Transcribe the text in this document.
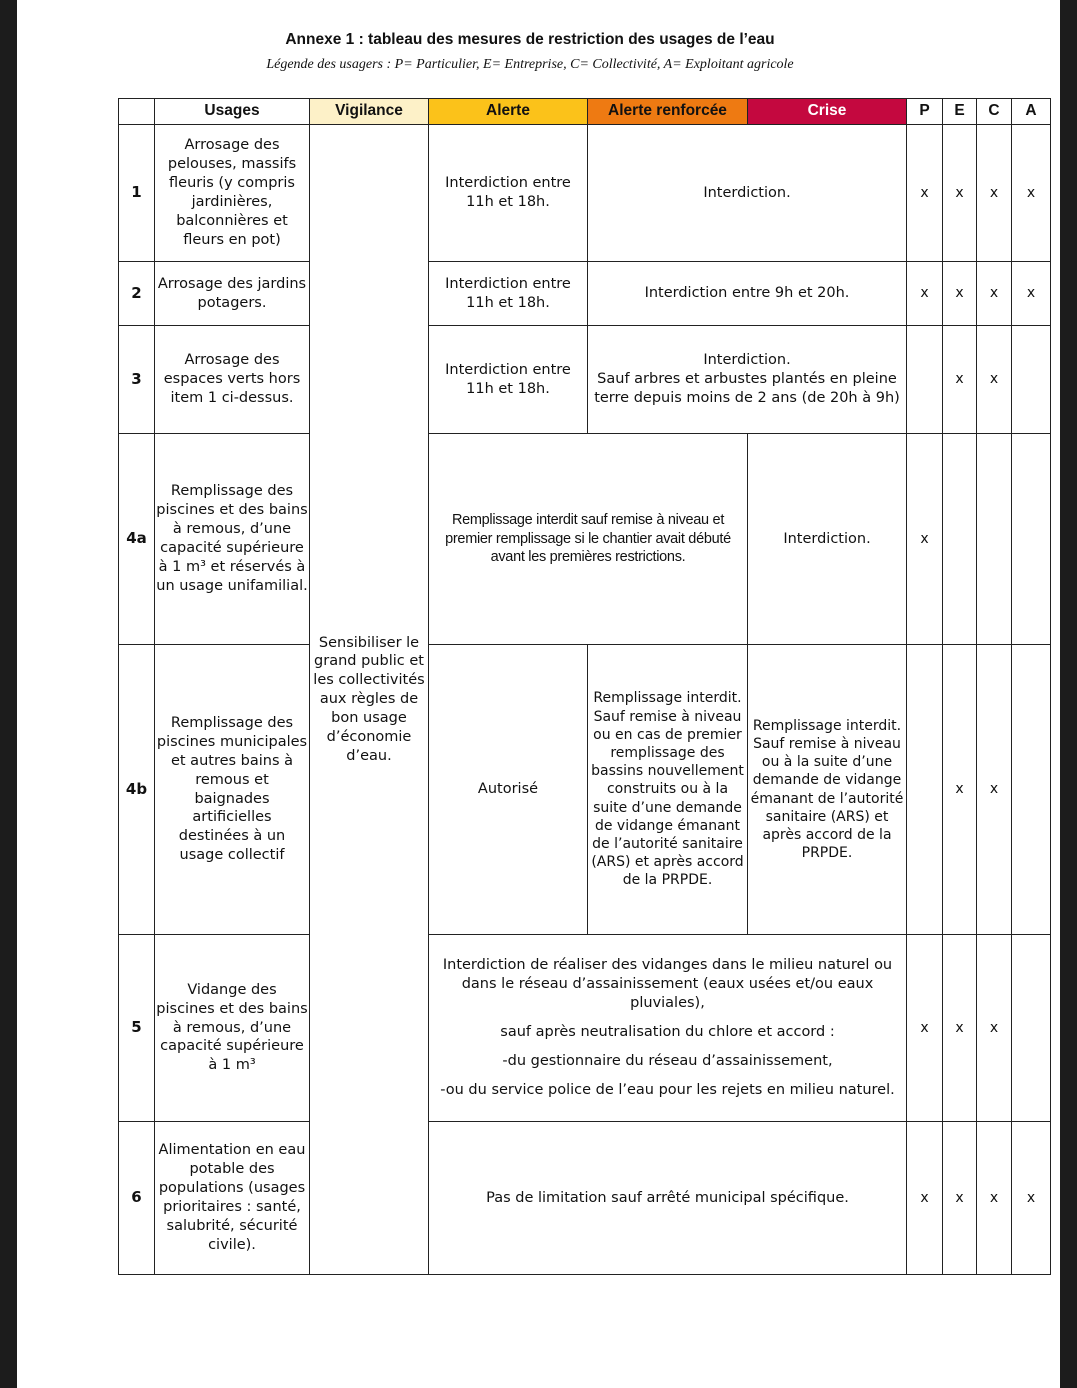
Annexe 1 : tableau des mesures de restriction des usages de l’eau
Légende des usagers : P= Particulier, E= Entreprise, C= Collectivité, A= Exploitant agricole
	Usages	Vigilance	Alerte	Alerte renforcée	Crise	P	E	C	A
1	Arrosage des pelouses, massifs fleuris (y compris jardinières, balconnières et fleurs en pot)	Sensibiliser le grand public et les collectivités aux règles de bon usage d’économie d’eau.	Interdiction entre 11h et 18h.	Interdiction.		x	x	x	x
2	Arrosage des jardins potagers.		Interdiction entre 11h et 18h.	Interdiction entre 9h et 20h.		x	x	x	x
3	Arrosage des espaces verts hors item 1 ci-dessus.		Interdiction entre 11h et 18h.	Interdiction.
Sauf arbres et arbustes plantés en pleine terre depuis moins de 2 ans (de 20h à 9h)			x	x	
4a	Remplissage des piscines et des bains à remous, d’une capacité supérieure à 1 m³ et réservés à un usage unifamilial.		Remplissage interdit sauf remise à niveau et premier remplissage si le chantier avait débuté avant les premières restrictions.		Interdiction.	x			
4b	Remplissage des piscines municipales et autres bains à remous et baignades artificielles destinées à un usage collectif		Autorisé	Remplissage interdit. Sauf remise à niveau ou en cas de premier remplissage des bassins nouvellement construits ou à la suite d’une demande de vidange émanant de l’autorité sanitaire (ARS) et après accord de la PRPDE.	Remplissage interdit. Sauf remise à niveau ou à la suite d’une demande de vidange émanant de l’autorité sanitaire (ARS) et après accord de la PRPDE.		x	x	
5	Vidange des piscines et des bains à remous, d’une capacité supérieure à 1 m³		Interdiction de réaliser des vidanges dans le milieu naturel ou dans le réseau d’assainissement (eaux usées et/ou eaux pluviales),
sauf après neutralisation du chlore et accord :
-du gestionnaire du réseau d’assainissement,
-ou du service police de l’eau pour les rejets en milieu naturel.			x	x	x	
6	Alimentation en eau potable des populations (usages prioritaires : santé, salubrité, sécurité civile).		Pas de limitation sauf arrêté municipal spécifique.			x	x	x	x
